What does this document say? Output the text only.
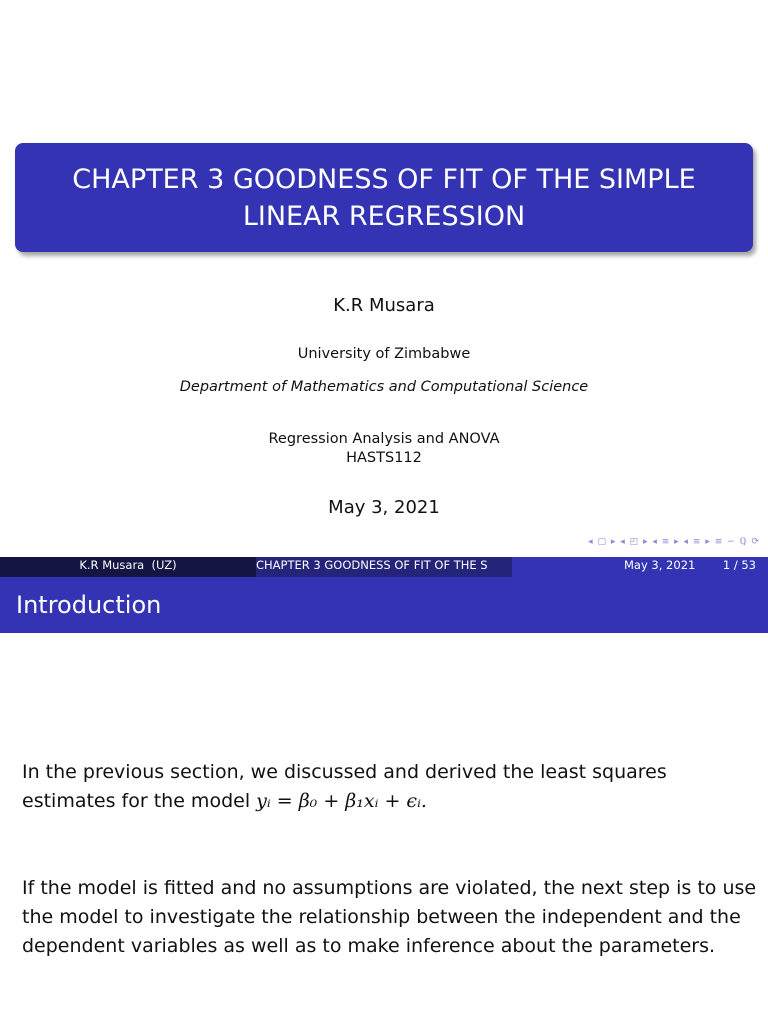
CHAPTER 3 GOODNESS OF FIT OF THE SIMPLE LINEAR REGRESSION
K.R Musara
University of Zimbabwe
Department of Mathematics and Computational Science
Regression Analysis and ANOVA
HASTS112
May 3, 2021
◂ ▢ ▸ ◂ ◰ ▸ ◂ ≡ ▸ ◂ ≡ ▸ ≡ ∽ ℚ ⟳
K.R Musara (UZ)	CHAPTER 3 GOODNESS OF FIT OF THE S	May 3, 2021 1 / 53
Introduction
In the previous section, we discussed and derived the least squares estimates for the model yᵢ = β₀ + β₁xᵢ + ϵᵢ.
If the model is fitted and no assumptions are violated, the next step is to use the model to investigate the relationship between the independent and the dependent variables as well as to make inference about the parameters.
